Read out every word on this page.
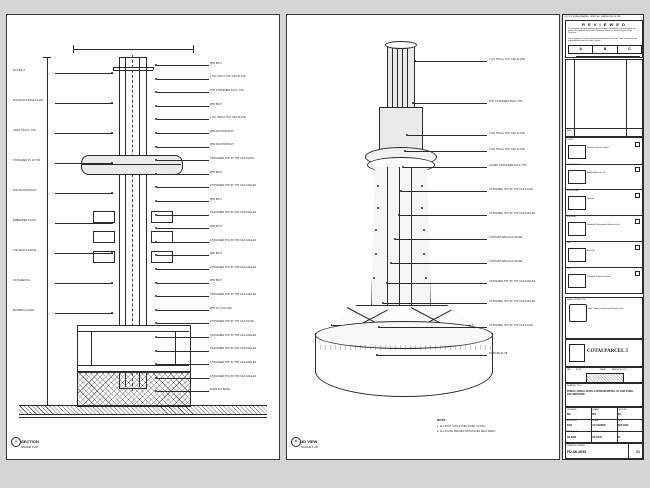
M24 BOLT
600x600x40 BASE PLATE
GROUT 50mm THK
STIFFENER PL 20 THK
M30 ANCHOR BOLT
EMBEDDED PLATE
150x150x12 ANGLE
RC PEDESTAL
BLINDING LAYER
M55 BOLT
1 NO 750mm THK C&S PLATE
TOP STIFFENER 50mm THK
M55 BOLT
1 NO 750mm THK C&S PLATE
M55 ANCHOR BOLT
M55 ANCHOR BOLT
STIFFENER THK 50 THK C&S PLATE
M55 BOLT
STIFFENER THK 50 THK C&S ANGLES
M55 BOLT
STIFFENER THK 50 THK C&S ANGLES
M55 BOLT
STIFFENER THK 50 THK C&S ANGLES
M55 BOLT
STIFFENER THK 50 THK C&S ANGLES
M55 BOLT
STIFFENER THK 50 THK C&S ANGLES
M55 R.C COLUMN
STIFFENER THK 50 THK C&S PLATE
STIFFENER THK 50 THK C&S ANGLES
STIFFENER THK 50 THK C&S ANGLES
STIFFENER THK 50 THK C&S ANGLES
STIFFENER THK 50 THK C&S ANGLES
40MM R.C BASE
SECTION
SCALE 1:20
A
1 NO 750mm THK C&S PLATE
TOP STIFFENER 50mm THK
1 NO 750mm THK C&S PLATE
1 NO 750mm THK C&S PLATE
LOWER STIFFENER 50mm THK
STIFFENER THK 50 THK C&S PLATE
STIFFENER THK 50 THK C&S ANGLES
SUPPORT ARM GALV BASE
SUPPORT ARM GALV BASE
STIFFENER THK 50 THK C&S ANGLES
STIFFENER THK 50 THK C&S ANGLES
STIFFENER THK 50 THK C&S PLATE
RC BASE SLAB
NOTE :
1. ALL BOLT SHOULD BE FIXED IN SITE.
2. ALL PLATE WELDED SHOULD BE SEAL WELD.
3D VIEW
SCALE 1:20
B
DO NOT SCALE DRAWING. VERIFY ALL DIMENSIONS ON SITE
R E V I E W E D
This document has been reviewed by the relevant Consultant(s) and is accepted. For tender status referred to in Project Procedure Section 5.4 for action by the Trade Contractor.
The acceptance or review of this document does not relieve the Trade Contractor of his responsibilities under the Trade Contract.
A	B	C
Date :
REV
CLIENT
Kowloon Street Limited
ARCHITECT
Aedas (Macau) Ltd.
STRUCTURAL
Gensler
ENGINEER
Maunsell Professional Services Ltd.
MEP
AECOM
QS
Langdon & Seah Limited
MAIN CONTRACTOR
Hsin Chong Construction (Macau) Ltd.
COTAI PARCEL 3
REF	ST-04	SHEET	PARCEL 3 / OF 1
DRAWING TITLE
PUBLIC CIRCULATION, FOUNTAIN DETAIL 04, FOR STEEL COLUMN BASE
DESIGNED
MS
DRAWN
MS
CHECKED
WL
APPROVED
BAR
SCALE
AS SHOWN
DATE
SEP 2009
PROJECT No.
H2-0094
DWG No.
SK-0043
REV
01
DRAWING NUMBER
FD-SK-0043	01
